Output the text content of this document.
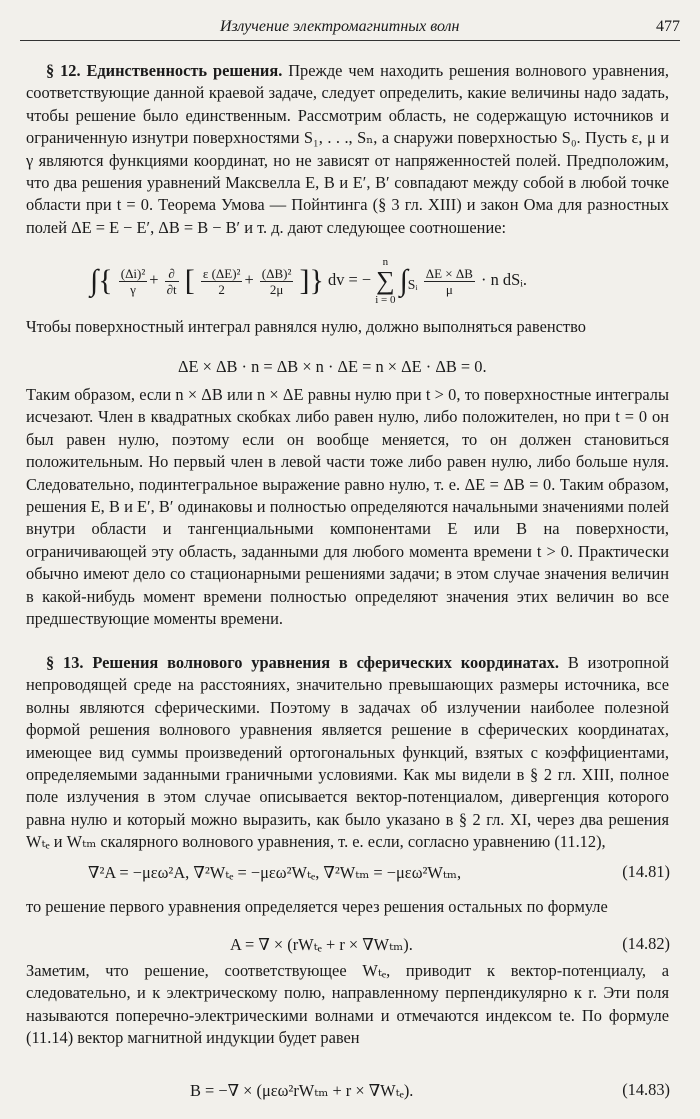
Излучение электромагнитных волн	477

§ 12. Единственность решения. Прежде чем находить решения волнового уравнения, соответствующие данной краевой задаче, следует определить, какие величины надо задать, чтобы решение было единственным. Рассмотрим область, не содержащую источников и ограниченную изнутри поверхностями S₁, . . ., Sₙ, а снаружи поверхностью S₀. Пусть ε, μ и γ являются функциями координат, но не зависят от напряженностей полей. Предположим, что два решения уравнений Максвелла E, B и E′, B′ совпадают между собой в любой точке области при t = 0. Теорема Умова — Пойнтинга (§ 3 гл. XIII) и закон Ома для разностных полей ΔE = E − E′, ΔB = B − B′ и т. д. дают следующее соотношение:

∫{ $\frac{\text{(Δi)²}}{\gamma} + \frac{\partial}{\partial t}$ [ $\frac{\text{ε (ΔE)²}}{2} + \frac{\text{(ΔB)²}}{2\mu}$ ]} dv = − n
∑
i = 0 $\int_{Sᵢ} \frac{\Delta E \times \Delta B}{\mu} \cdot n$ dSᵢ.

Чтобы поверхностный интеграл равнялся нулю, должно выполняться равенство

ΔE × ΔB · n = ΔB × n · ΔE = n × ΔE · ΔB = 0.

Таким образом, если n × ΔB или n × ΔE равны нулю при t > 0, то поверхностные интегралы исчезают. Член в квадратных скобках либо равен нулю, либо положителен, но при t = 0 он был равен нулю, поэтому если он вообще меняется, то он должен становиться положительным. Но первый член в левой части тоже либо равен нулю, либо больше нуля. Следовательно, подинтегральное выражение равно нулю, т. е. ΔE = ΔB = 0. Таким образом, решения E, B и E′, B′ одинаковы и полностью определяются начальными значениями полей внутри области и тангенциальными компонентами E или B на поверхности, ограничивающей эту область, заданными для любого момента времени t > 0. Практически обычно имеют дело со стационарными решениями задачи; в этом случае значения величин в какой-нибудь момент времени полностью определяют значения этих величин во все предшествующие моменты времени.

§ 13. Решения волнового уравнения в сферических координатах. В изотропной непроводящей среде на расстояниях, значительно превышающих размеры источника, все волны являются сферическими. Поэтому в задачах об излучении наиболее полезной формой решения волнового уравнения является решение в сферических координатах, имеющее вид суммы произведений ортогональных функций, взятых с коэффициентами, определяемыми заданными граничными условиями. Как мы видели в § 2 гл. XIII, полное поле излучения в этом случае описывается вектор-потенциалом, дивергенция которого равна нулю и который можно выразить, как было указано в § 2 гл. XI, через два решения Wₜₑ и Wₜₘ скалярного волнового уравнения, т. е. если, согласно уравнению (11.12),

∇²A = −μεω²A, ∇²Wₜₑ = −μεω²Wₜₑ, ∇²Wₜₘ = −μεω²Wₜₘ,	(14.81)

то решение первого уравнения определяется через решения остальных по формуле

A = ∇ × (rWₜₑ + r × ∇Wₜₘ).	(14.82)

Заметим, что решение, соответствующее Wₜₑ, приводит к вектор-потенциалу, а следовательно, и к электрическому полю, направленному перпендикулярно к r. Эти поля называются поперечно-электрическими волнами и отмечаются индексом te. По формуле (11.14) вектор магнитной индукции будет равен

B = −∇ × (μεω²rWₜₘ + r × ∇Wₜₑ).	(14.83)
